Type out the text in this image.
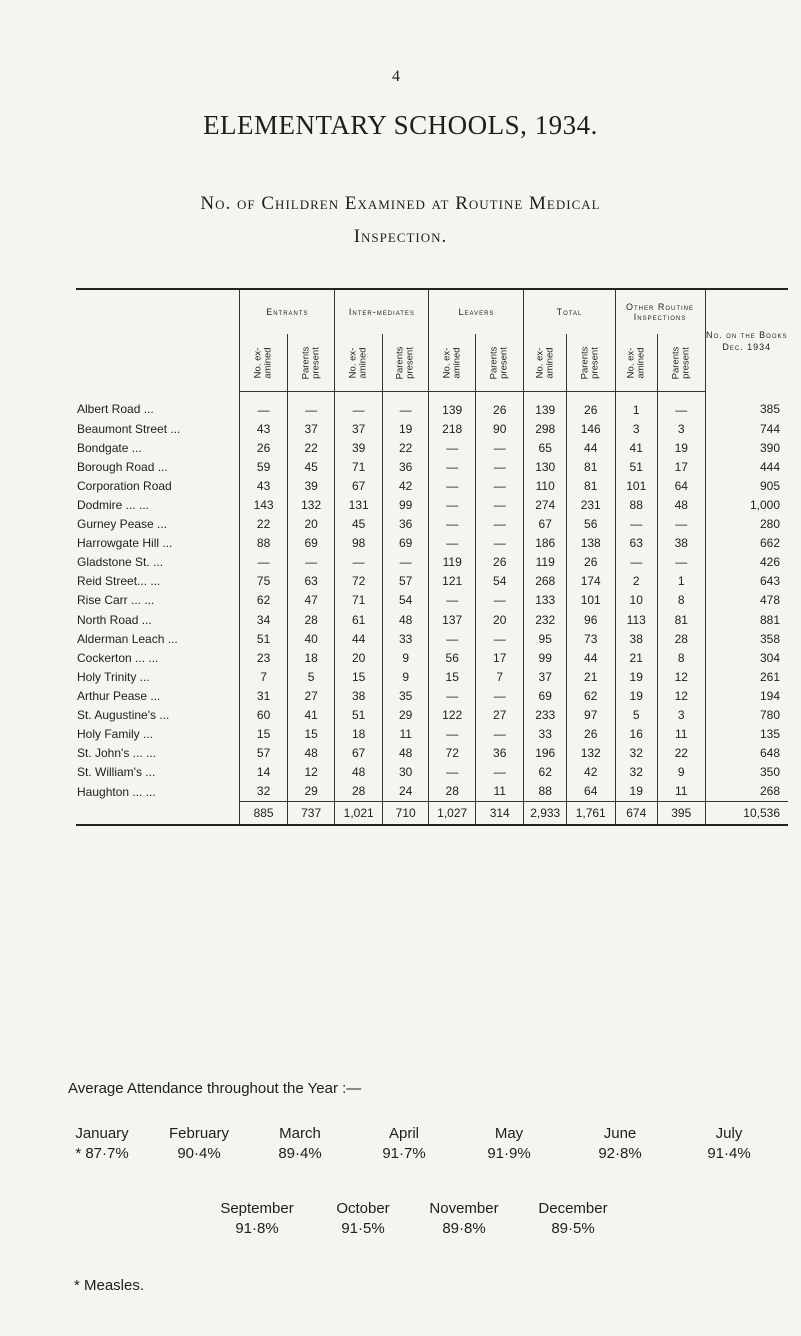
4
ELEMENTARY SCHOOLS, 1934.
No. of Children Examined at Routine Medical
Inspection.
	Entrants		Inter-mediates		Leavers		Total		Other Routine Inspections		No. on the Books Dec. 1934
	No. ex-
amined	Parents
present	No. ex-
amined	Parents
present	No. ex-
amined	Parents
present	No. ex-
amined	Parents
present	No. ex-
amined	Parents
present	
Albert Road ...	—	—	—	—	139	26	139	26	1	—	385
Beaumont Street ...	43	37	37	19	218	90	298	146	3	3	744
Bondgate ...	26	22	39	22	—	—	65	44	41	19	390
Borough Road ...	59	45	71	36	—	—	130	81	51	17	444
Corporation Road	43	39	67	42	—	—	110	81	101	64	905
Dodmire ... ...	143	132	131	99	—	—	274	231	88	48	1,000
Gurney Pease ...	22	20	45	36	—	—	67	56	—	—	280
Harrowgate Hill ...	88	69	98	69	—	—	186	138	63	38	662
Gladstone St. ...	—	—	—	—	119	26	119	26	—	—	426
Reid Street... ...	75	63	72	57	121	54	268	174	2	1	643
Rise Carr ... ...	62	47	71	54	—	—	133	101	10	8	478
North Road ...	34	28	61	48	137	20	232	96	113	81	881
Alderman Leach ...	51	40	44	33	—	—	95	73	38	28	358
Cockerton ... ...	23	18	20	9	56	17	99	44	21	8	304
Holy Trinity ...	7	5	15	9	15	7	37	21	19	12	261
Arthur Pease ...	31	27	38	35	—	—	69	62	19	12	194
St. Augustine's ...	60	41	51	29	122	27	233	97	5	3	780
Holy Family ...	15	15	18	11	—	—	33	26	16	11	135
St. John's ... ...	57	48	67	48	72	36	196	132	32	22	648
St. William's ...	14	12	48	30	—	—	62	42	32	9	350
Haughton ... ...	32	29	28	24	28	11	88	64	19	11	268
	885	737	1,021	710	1,027	314	2,933	1,761	674	395	10,536
Average Attendance throughout the Year :—
January
* 87·7%
February
90·4%
March
89·4%
April
91·7%
May
91·9%
June
92·8%
July
91·4%
September
91·8%
October
91·5%
November
89·8%
December
89·5%
* Measles.
